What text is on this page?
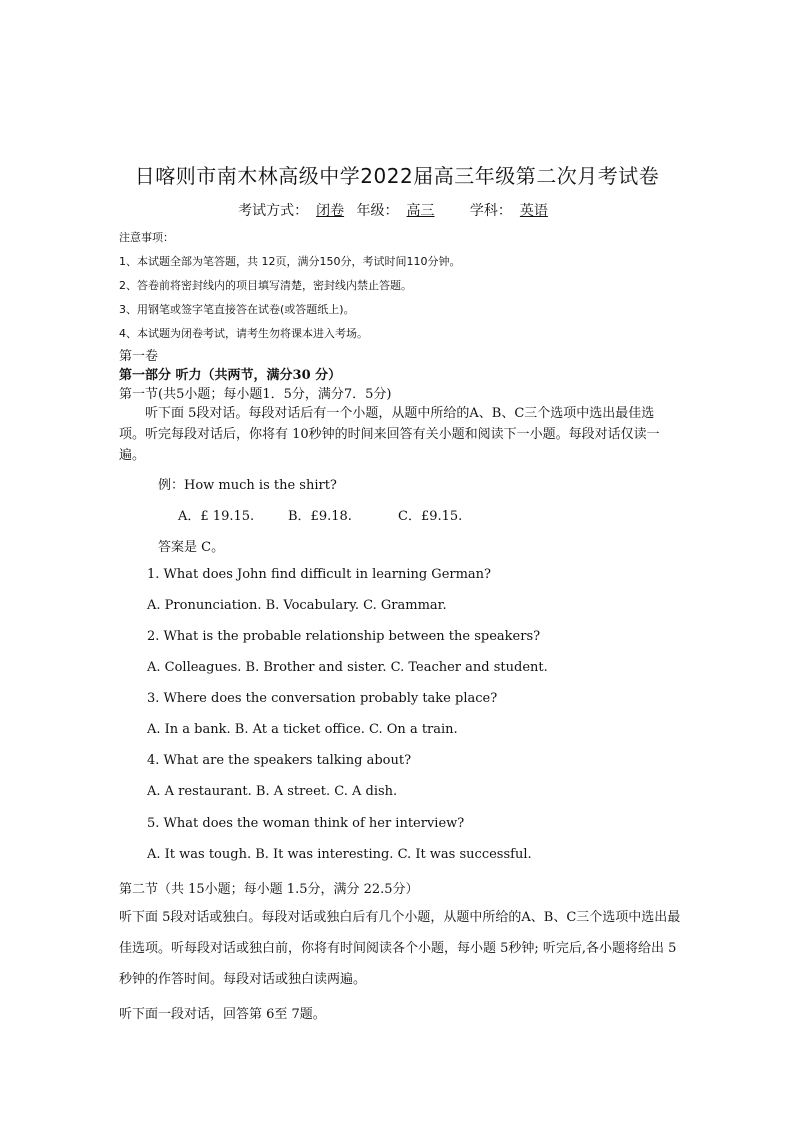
日喀则市南木林高级中学2022届高三年级第二次月考试卷
考试方式： 闭卷 年级： 高三	学科： 英语
注意事项：
1、本试题全部为笔答题，共 12页，满分150分，考试时间110分钟。
2、答卷前将密封线内的项目填写清楚，密封线内禁止答题。
3、用钢笔或签字笔直接答在试卷(或答题纸上)。
4、本试题为闭卷考试，请考生勿将课本进入考场。
第一卷
第一部分 听力（共两节，满分30 分）
第一节(共5小题；每小题1．5分，满分7．5分)
听下面 5段对话。每段对话后有一个小题，从题中所给的A、B、C三个选项中选出最佳选项。听完每段对话后，你将有 10秒钟的时间来回答有关小题和阅读下一小题。每段对话仅读一遍。
例：How much is the shirt?
A．£ 19.15.	B．£9.18.	C．£9.15.
答案是 C。
1. What does John find difficult in learning German?
A. Pronunciation. B. Vocabulary. C. Grammar.
2. What is the probable relationship between the speakers?
A. Colleagues. B. Brother and sister. C. Teacher and student.
3. Where does the conversation probably take place?
A. In a bank. B. At a ticket office. C. On a train.
4. What are the speakers talking about?
A. A restaurant. B. A street. C. A dish.
5. What does the woman think of her interview?
A. It was tough. B. It was interesting. C. It was successful.
第二节（共 15小题；每小题 1.5分，满分 22.5分）
听下面 5段对话或独白。每段对话或独白后有几个小题，从题中所给的A、B、C三个选项中选出最佳选项。听每段对话或独白前，你将有时间阅读各个小题，每小题 5秒钟; 听完后,各小题将给出 5秒钟的作答时间。每段对话或独白读两遍。
听下面一段对话，回答第 6至 7题。
